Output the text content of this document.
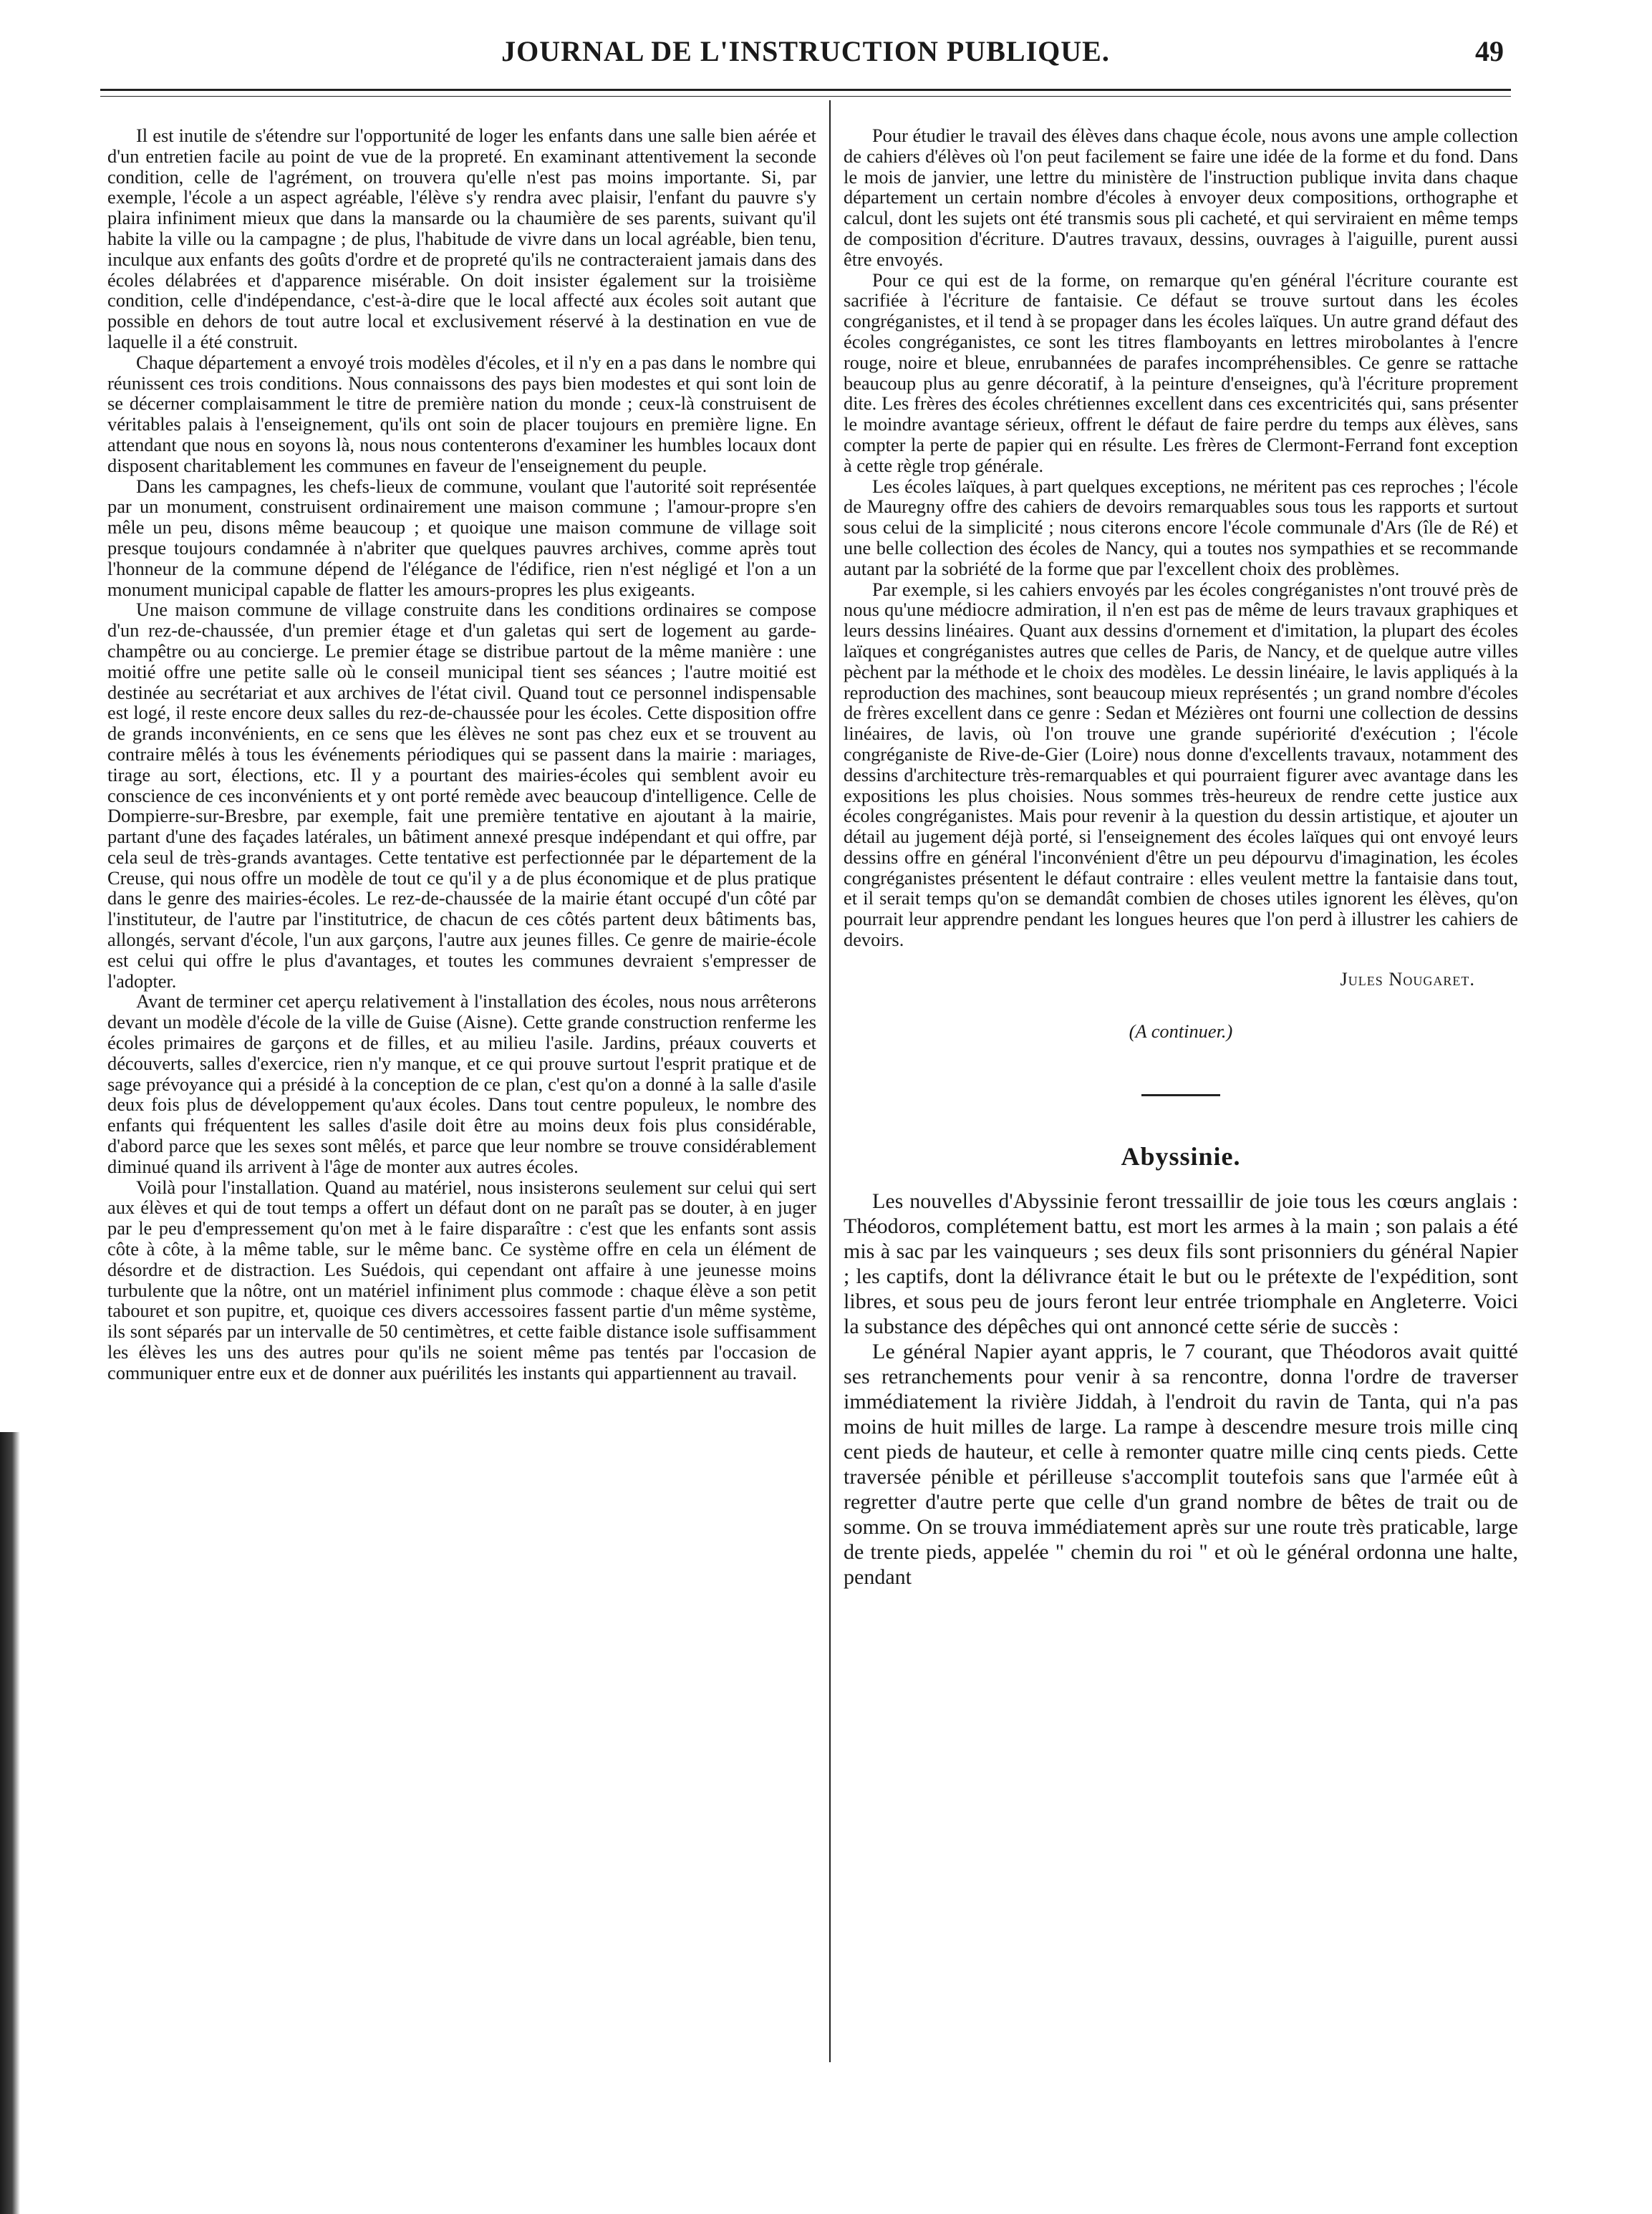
JOURNAL DE L'INSTRUCTION PUBLIQUE.	49

Il est inutile de s'étendre sur l'opportunité de loger les enfants dans une salle bien aérée et d'un entretien facile au point de vue de la propreté. En examinant attentivement la seconde condition, celle de l'agrément, on trouvera qu'elle n'est pas moins importante. Si, par exemple, l'école a un aspect agréable, l'élève s'y rendra avec plaisir, l'enfant du pauvre s'y plaira infiniment mieux que dans la mansarde ou la chaumière de ses parents, suivant qu'il habite la ville ou la campagne ; de plus, l'habitude de vivre dans un local agréable, bien tenu, inculque aux enfants des goûts d'ordre et de propreté qu'ils ne contracteraient jamais dans des écoles délabrées et d'apparence misérable. On doit insister également sur la troisième condition, celle d'indépendance, c'est-à-dire que le local affecté aux écoles soit autant que possible en dehors de tout autre local et exclusivement réservé à la destination en vue de laquelle il a été construit.

Chaque département a envoyé trois modèles d'écoles, et il n'y en a pas dans le nombre qui réunissent ces trois conditions. Nous connaissons des pays bien modestes et qui sont loin de se décerner complaisamment le titre de première nation du monde ; ceux-là construisent de véritables palais à l'enseignement, qu'ils ont soin de placer toujours en première ligne. En attendant que nous en soyons là, nous nous contenterons d'examiner les humbles locaux dont disposent charitablement les communes en faveur de l'enseignement du peuple.

Dans les campagnes, les chefs-lieux de commune, voulant que l'autorité soit représentée par un monument, construisent ordinairement une maison commune ; l'amour-propre s'en mêle un peu, disons même beaucoup ; et quoique une maison commune de village soit presque toujours condamnée à n'abriter que quelques pauvres archives, comme après tout l'honneur de la commune dépend de l'élégance de l'édifice, rien n'est négligé et l'on a un monument municipal capable de flatter les amours-propres les plus exigeants.

Une maison commune de village construite dans les conditions ordinaires se compose d'un rez-de-chaussée, d'un premier étage et d'un galetas qui sert de logement au garde-champêtre ou au concierge. Le premier étage se distribue partout de la même manière : une moitié offre une petite salle où le conseil municipal tient ses séances ; l'autre moitié est destinée au secrétariat et aux archives de l'état civil. Quand tout ce personnel indispensable est logé, il reste encore deux salles du rez-de-chaussée pour les écoles. Cette disposition offre de grands inconvénients, en ce sens que les élèves ne sont pas chez eux et se trouvent au contraire mêlés à tous les événements périodiques qui se passent dans la mairie : mariages, tirage au sort, élections, etc. Il y a pourtant des mairies-écoles qui semblent avoir eu conscience de ces inconvénients et y ont porté remède avec beaucoup d'intelligence. Celle de Dompierre-sur-Bresbre, par exemple, fait une première tentative en ajoutant à la mairie, partant d'une des façades latérales, un bâtiment annexé presque indépendant et qui offre, par cela seul de très-grands avantages. Cette tentative est perfectionnée par le département de la Creuse, qui nous offre un modèle de tout ce qu'il y a de plus économique et de plus pratique dans le genre des mairies-écoles. Le rez-de-chaussée de la mairie étant occupé d'un côté par l'instituteur, de l'autre par l'institutrice, de chacun de ces côtés partent deux bâtiments bas, allongés, servant d'école, l'un aux garçons, l'autre aux jeunes filles. Ce genre de mairie-école est celui qui offre le plus d'avantages, et toutes les communes devraient s'empresser de l'adopter.

Avant de terminer cet aperçu relativement à l'installation des écoles, nous nous arrêterons devant un modèle d'école de la ville de Guise (Aisne). Cette grande construction renferme les écoles primaires de garçons et de filles, et au milieu l'asile. Jardins, préaux couverts et découverts, salles d'exercice, rien n'y manque, et ce qui prouve surtout l'esprit pratique et de sage prévoyance qui a présidé à la conception de ce plan, c'est qu'on a donné à la salle d'asile deux fois plus de développement qu'aux écoles. Dans tout centre populeux, le nombre des enfants qui fréquentent les salles d'asile doit être au moins deux fois plus considérable, d'abord parce que les sexes sont mêlés, et parce que leur nombre se trouve considérablement diminué quand ils arrivent à l'âge de monter aux autres écoles.

Voilà pour l'installation. Quand au matériel, nous insisterons seulement sur celui qui sert aux élèves et qui de tout temps a offert un défaut dont on ne paraît pas se douter, à en juger par le peu d'empressement qu'on met à le faire disparaître : c'est que les enfants sont assis côte à côte, à la même table, sur le même banc. Ce système offre en cela un élément de désordre et de distraction. Les Suédois, qui cependant ont affaire à une jeunesse moins turbulente que la nôtre, ont un matériel infiniment plus commode : chaque élève a son petit tabouret et son pupitre, et, quoique ces divers accessoires fassent partie d'un même système, ils sont séparés par un intervalle de 50 centimètres, et cette faible distance isole suffisamment les élèves les uns des autres pour qu'ils ne soient même pas tentés par l'occasion de communiquer entre eux et de donner aux puérilités les instants qui appartiennent au travail.

Pour étudier le travail des élèves dans chaque école, nous avons une ample collection de cahiers d'élèves où l'on peut facilement se faire une idée de la forme et du fond. Dans le mois de janvier, une lettre du ministère de l'instruction publique invita dans chaque département un certain nombre d'écoles à envoyer deux compositions, orthographe et calcul, dont les sujets ont été transmis sous pli cacheté, et qui serviraient en même temps de composition d'écriture. D'autres travaux, dessins, ouvrages à l'aiguille, purent aussi être envoyés.

Pour ce qui est de la forme, on remarque qu'en général l'écriture courante est sacrifiée à l'écriture de fantaisie. Ce défaut se trouve surtout dans les écoles congréganistes, et il tend à se propager dans les écoles laïques. Un autre grand défaut des écoles congréganistes, ce sont les titres flamboyants en lettres mirobolantes à l'encre rouge, noire et bleue, enrubannées de parafes incompréhensibles. Ce genre se rattache beaucoup plus au genre décoratif, à la peinture d'enseignes, qu'à l'écriture proprement dite. Les frères des écoles chrétiennes excellent dans ces excentricités qui, sans présenter le moindre avantage sérieux, offrent le défaut de faire perdre du temps aux élèves, sans compter la perte de papier qui en résulte. Les frères de Clermont-Ferrand font exception à cette règle trop générale.

Les écoles laïques, à part quelques exceptions, ne méritent pas ces reproches ; l'école de Mauregny offre des cahiers de devoirs remarquables sous tous les rapports et surtout sous celui de la simplicité ; nous citerons encore l'école communale d'Ars (île de Ré) et une belle collection des écoles de Nancy, qui a toutes nos sympathies et se recommande autant par la sobriété de la forme que par l'excellent choix des problèmes.

Par exemple, si les cahiers envoyés par les écoles congréganistes n'ont trouvé près de nous qu'une médiocre admiration, il n'en est pas de même de leurs travaux graphiques et leurs dessins linéaires. Quant aux dessins d'ornement et d'imitation, la plupart des écoles laïques et congréganistes autres que celles de Paris, de Nancy, et de quelque autre villes pèchent par la méthode et le choix des modèles. Le dessin linéaire, le lavis appliqués à la reproduction des machines, sont beaucoup mieux représentés ; un grand nombre d'écoles de frères excellent dans ce genre : Sedan et Mézières ont fourni une collection de dessins linéaires, de lavis, où l'on trouve une grande supériorité d'exécution ; l'école congréganiste de Rive-de-Gier (Loire) nous donne d'excellents travaux, notamment des dessins d'architecture très-remarquables et qui pourraient figurer avec avantage dans les expositions les plus choisies. Nous sommes très-heureux de rendre cette justice aux écoles congréganistes. Mais pour revenir à la question du dessin artistique, et ajouter un détail au jugement déjà porté, si l'enseignement des écoles laïques qui ont envoyé leurs dessins offre en général l'inconvénient d'être un peu dépourvu d'imagination, les écoles congréganistes présentent le défaut contraire : elles veulent mettre la fantaisie dans tout, et il serait temps qu'on se demandât combien de choses utiles ignorent les élèves, qu'on pourrait leur apprendre pendant les longues heures que l'on perd à illustrer les cahiers de devoirs.

Jules Nougaret.
(A continuer.)
Abyssinie.

Les nouvelles d'Abyssinie feront tressaillir de joie tous les cœurs anglais : Théodoros, complétement battu, est mort les armes à la main ; son palais a été mis à sac par les vainqueurs ; ses deux fils sont prisonniers du général Napier ; les captifs, dont la délivrance était le but ou le prétexte de l'expédition, sont libres, et sous peu de jours feront leur entrée triomphale en Angleterre. Voici la substance des dépêches qui ont annoncé cette série de succès :

Le général Napier ayant appris, le 7 courant, que Théodoros avait quitté ses retranchements pour venir à sa rencontre, donna l'ordre de traverser immédiatement la rivière Jiddah, à l'endroit du ravin de Tanta, qui n'a pas moins de huit milles de large. La rampe à descendre mesure trois mille cinq cent pieds de hauteur, et celle à remonter quatre mille cinq cents pieds. Cette traversée pénible et périlleuse s'accomplit toutefois sans que l'armée eût à regretter d'autre perte que celle d'un grand nombre de bêtes de trait ou de somme. On se trouva immédiatement après sur une route très praticable, large de trente pieds, appelée " chemin du roi " et où le général ordonna une halte, pendant
